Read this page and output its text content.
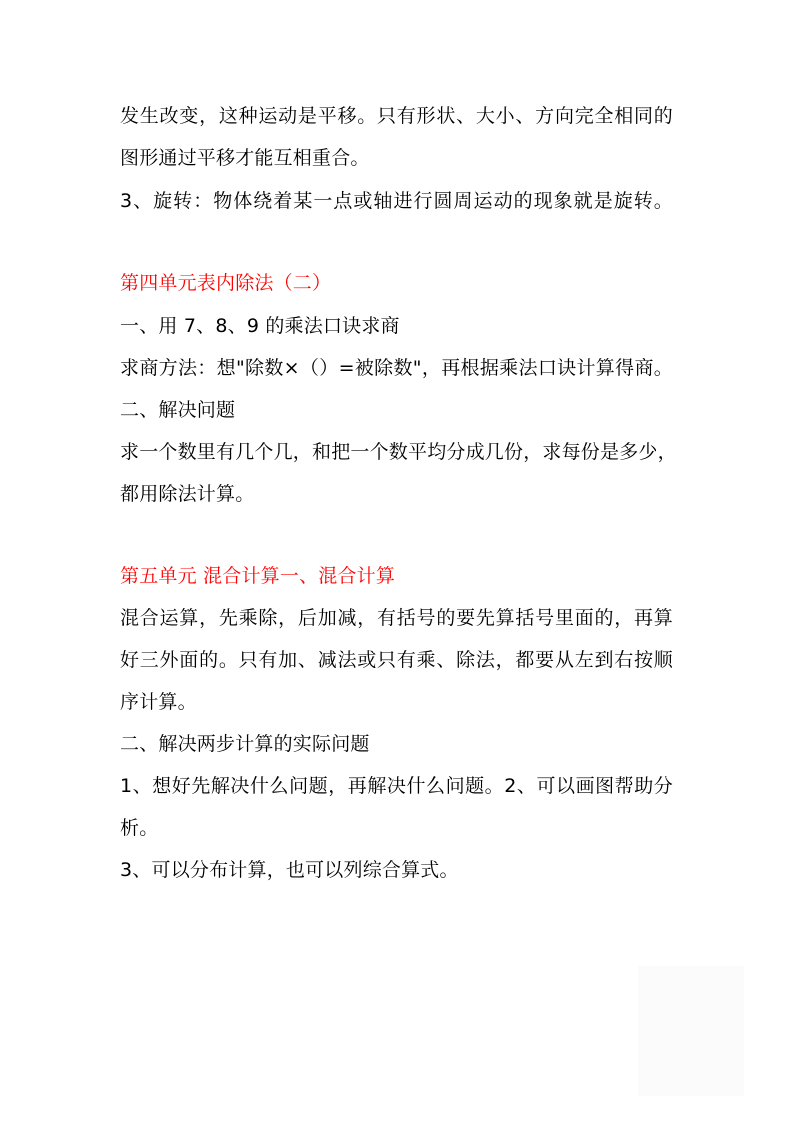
发生改变，这种运动是平移。只有形状、大小、方向完全相同的
图形通过平移才能互相重合。
3、旋转：物体绕着某一点或轴进行圆周运动的现象就是旋转。
第四单元表内除法（二）
一、用 7、8、9 的乘法口诀求商
求商方法：想"除数×（）=被除数"，再根据乘法口诀计算得商。
二、解决问题
求一个数里有几个几，和把一个数平均分成几份，求每份是多少，
都用除法计算。
第五单元 混合计算一、混合计算
混合运算，先乘除，后加减，有括号的要先算括号里面的，再算
好三外面的。只有加、减法或只有乘、除法，都要从左到右按顺
序计算。
二、解决两步计算的实际问题
1、想好先解决什么问题，再解决什么问题。2、可以画图帮助分
析。
3、可以分布计算，也可以列综合算式。
